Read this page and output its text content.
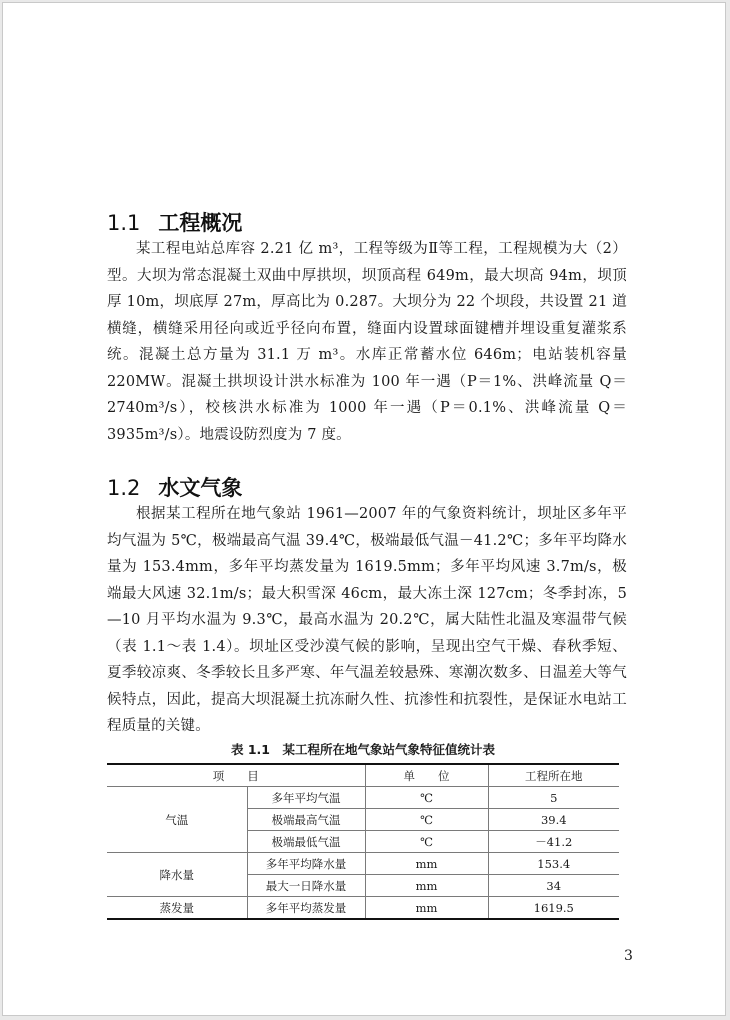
1.1 工程概况

某工程电站总库容 2.21 亿 m³，工程等级为Ⅱ等工程，工程规模为大（2）型。大坝为常态混凝土双曲中厚拱坝，坝顶高程 649m，最大坝高 94m，坝顶厚 10m，坝底厚 27m，厚高比为 0.287。大坝分为 22 个坝段，共设置 21 道横缝，横缝采用径向或近乎径向布置，缝面内设置球面键槽并埋设重复灌浆系统。混凝土总方量为 31.1 万 m³。水库正常蓄水位 646m；电站装机容量 220MW。混凝土拱坝设计洪水标准为 100 年一遇（P＝1%、洪峰流量 Q＝2740m³/s），校核洪水标准为 1000 年一遇（P＝0.1%、洪峰流量 Q＝3935m³/s）。地震设防烈度为 7 度。

1.2 水文气象

根据某工程所在地气象站 1961—2007 年的气象资料统计，坝址区多年平均气温为 5℃，极端最高气温 39.4℃，极端最低气温－41.2℃；多年平均降水量为 153.4mm，多年平均蒸发量为 1619.5mm；多年平均风速 3.7m/s，极端最大风速 32.1m/s；最大积雪深 46cm，最大冻土深 127cm；冬季封冻，5—10 月平均水温为 9.3℃，最高水温为 20.2℃，属大陆性北温及寒温带气候（表 1.1～表 1.4）。坝址区受沙漠气候的影响，呈现出空气干燥、春秋季短、夏季较凉爽、冬季较长且多严寒、年气温差较悬殊、寒潮次数多、日温差大等气候特点，因此，提高大坝混凝土抗冻耐久性、抗渗性和抗裂性，是保证水电站工程质量的关键。

表 1.1　某工程所在地气象站气象特征值统计表
项　　目		单　　位	工程所在地
气温	多年平均气温	℃	5
	极端最高气温	℃	39.4
	极端最低气温	℃	－41.2
降水量	多年平均降水量	mm	153.4
	最大一日降水量	mm	34
蒸发量	多年平均蒸发量	mm	1619.5
3
